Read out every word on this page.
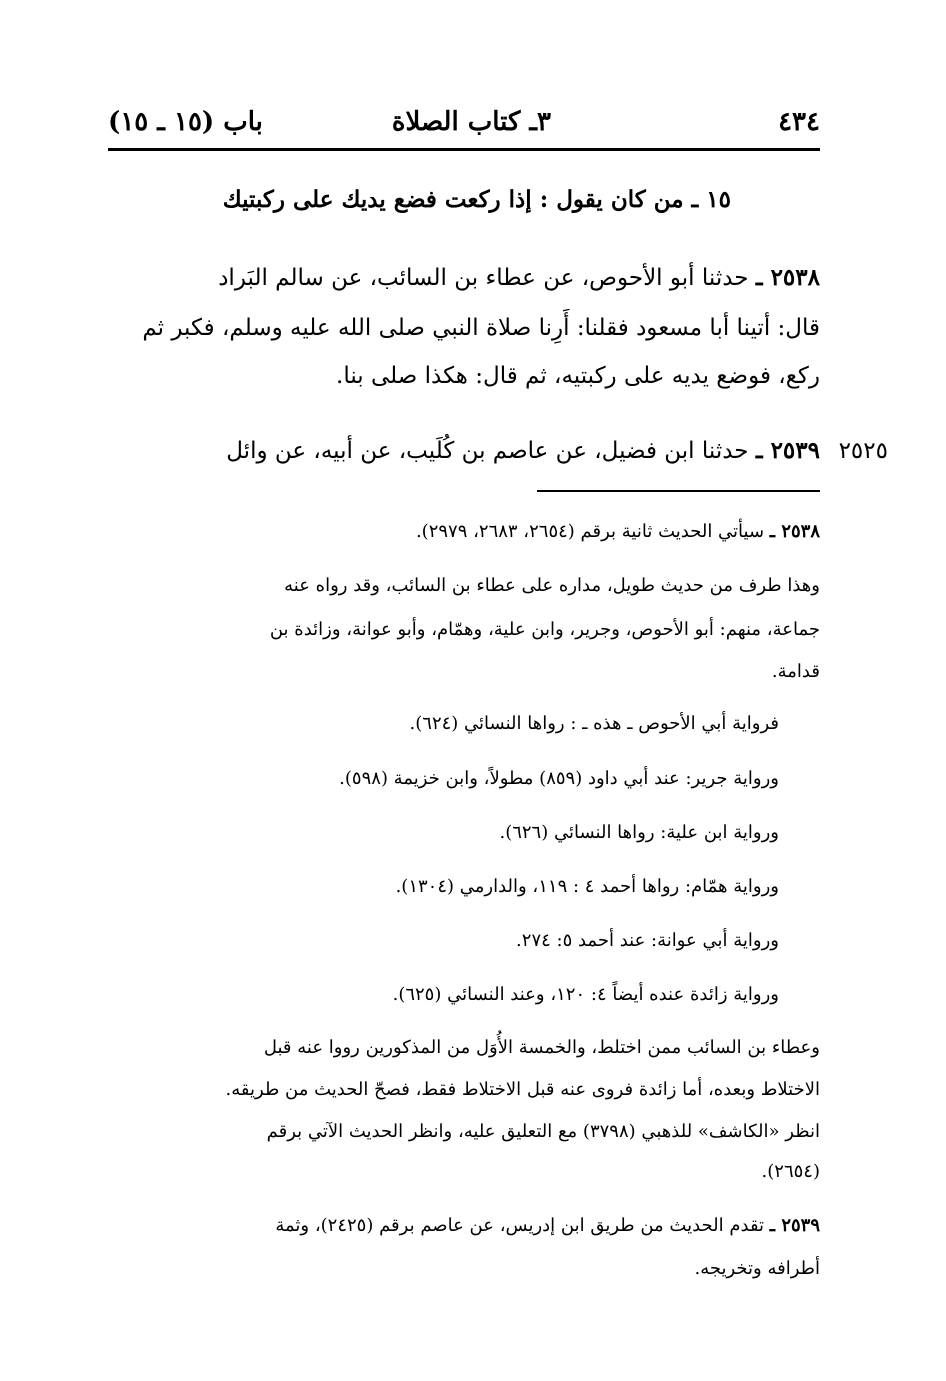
٤٣٤
٣ـ كتاب الصلاة
باب (١٥ ـ ١٥)
١٥ ـ من كان يقول : إذا ركعت فضع يديك على ركبتيك
٢٥٣٨ ـ حدثنا أبو الأحوص، عن عطاء بن السائب، عن سالم البَراد
قال: أتينا أبا مسعود فقلنا: أَرِنا صلاة النبي صلى الله عليه وسلم، فكبر ثم
ركع، فوضع يديه على ركبتيه، ثم قال: هكذا صلى بنا.
٢٥٣٩ ـ حدثنا ابن فضيل، عن عاصم بن كُلَيب، عن أبيه، عن وائل	٢٥٢٥
٢٥٣٨ ـ سيأتي الحديث ثانية برقم (٢٦٥٤، ٢٦٨٣، ٢٩٧٩).
وهذا طرف من حديث طويل، مداره على عطاء بن السائب، وقد رواه عنه
جماعة، منهم: أبو الأحوص، وجرير، وابن علية، وهمّام، وأبو عوانة، وزائدة بن
قدامة.
فرواية أبي الأحوص ـ هذه ـ : رواها النسائي (٦٢٤).
ورواية جرير: عند أبي داود (٨٥٩) مطولاً، وابن خزيمة (٥٩٨).
ورواية ابن علية: رواها النسائي (٦٢٦).
ورواية همّام: رواها أحمد ٤ : ١١٩، والدارمي (١٣٠٤).
ورواية أبي عوانة: عند أحمد ٥: ٢٧٤.
ورواية زائدة عنده أيضاً ٤: ١٢٠، وعند النسائي (٦٢٥).
وعطاء بن السائب ممن اختلط، والخمسة الأُوَل من المذكورين رووا عنه قبل
الاختلاط وبعده، أما زائدة فروى عنه قبل الاختلاط فقط، فصحّ الحديث من طريقه.
انظر «الكاشف» للذهبي (٣٧٩٨) مع التعليق عليه، وانظر الحديث الآتي برقم
(٢٦٥٤).
٢٥٣٩ ـ تقدم الحديث من طريق ابن إدريس، عن عاصم برقم (٢٤٢٥)، وثمة
أطرافه وتخريجه.
